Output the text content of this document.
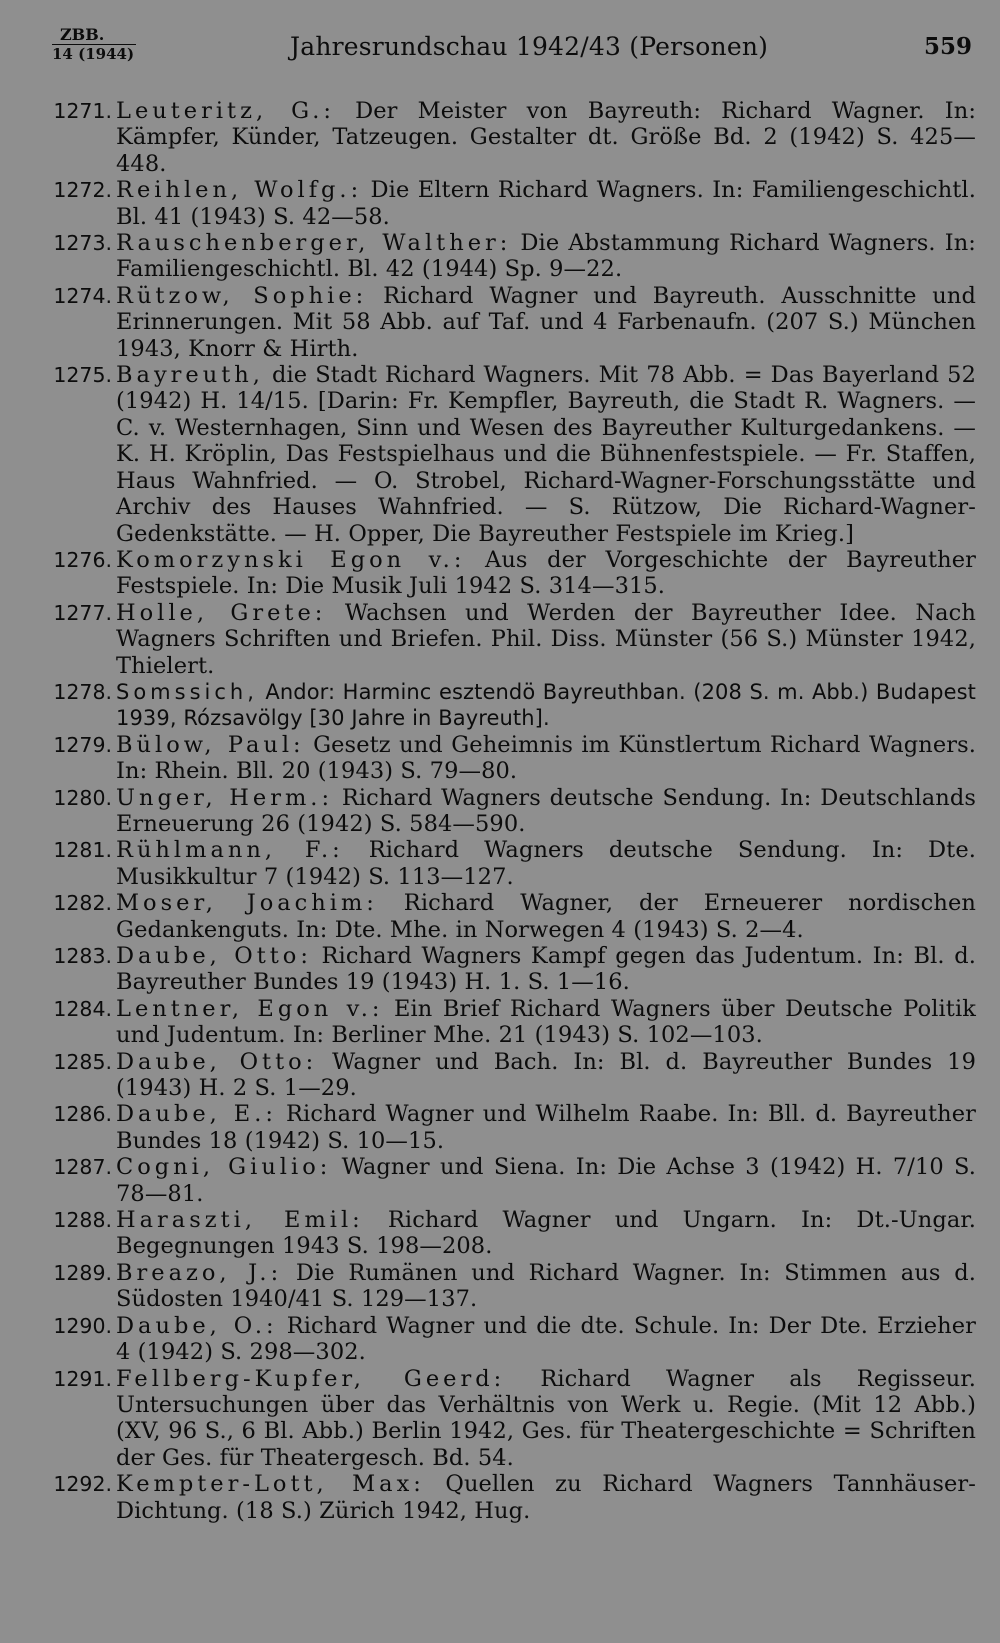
ZBB.
14 (1944)	Jahresrundschau 1942/43 (Personen)	559
1271. Leuteritz, G.: Der Meister von Bayreuth: Richard Wagner. In: Kämpfer, Künder, Tatzeugen. Gestalter dt. Größe Bd. 2 (1942) S. 425—448.
1272. Reihlen, Wolfg.: Die Eltern Richard Wagners. In: Familiengeschichtl. Bl. 41 (1943) S. 42—58.
1273. Rauschenberger, Walther: Die Abstammung Richard Wagners. In: Familiengeschichtl. Bl. 42 (1944) Sp. 9—22.
1274. Rützow, Sophie: Richard Wagner und Bayreuth. Ausschnitte und Erinnerungen. Mit 58 Abb. auf Taf. und 4 Farbenaufn. (207 S.) München 1943, Knorr & Hirth.
1275. Bayreuth, die Stadt Richard Wagners. Mit 78 Abb. = Das Bayerland 52 (1942) H. 14/15. [Darin: Fr. Kempfler, Bayreuth, die Stadt R. Wagners. — C. v. Westernhagen, Sinn und Wesen des Bayreuther Kulturgedankens. — K. H. Kröplin, Das Festspielhaus und die Bühnenfestspiele. — Fr. Staffen, Haus Wahnfried. — O. Strobel, Richard-Wagner-Forschungsstätte und Archiv des Hauses Wahnfried. — S. Rützow, Die Richard-Wagner-Gedenkstätte. — H. Opper, Die Bayreuther Festspiele im Krieg.]
1276. Komorzynski Egon v.: Aus der Vorgeschichte der Bayreuther Festspiele. In: Die Musik Juli 1942 S. 314—315.
1277. Holle, Grete: Wachsen und Werden der Bayreuther Idee. Nach Wagners Schriften und Briefen. Phil. Diss. Münster (56 S.) Münster 1942, Thielert.
1278. Somssich, Andor: Harminc esztendö Bayreuthban. (208 S. m. Abb.) Budapest 1939, Rózsavölgy [30 Jahre in Bayreuth].
1279. Bülow, Paul: Gesetz und Geheimnis im Künstlertum Richard Wagners. In: Rhein. Bll. 20 (1943) S. 79—80.
1280. Unger, Herm.: Richard Wagners deutsche Sendung. In: Deutschlands Erneuerung 26 (1942) S. 584—590.
1281. Rühlmann, F.: Richard Wagners deutsche Sendung. In: Dte. Musikkultur 7 (1942) S. 113—127.
1282. Moser, Joachim: Richard Wagner, der Erneuerer nordischen Gedankenguts. In: Dte. Mhe. in Norwegen 4 (1943) S. 2—4.
1283. Daube, Otto: Richard Wagners Kampf gegen das Judentum. In: Bl. d. Bayreuther Bundes 19 (1943) H. 1. S. 1—16.
1284. Lentner, Egon v.: Ein Brief Richard Wagners über Deutsche Politik und Judentum. In: Berliner Mhe. 21 (1943) S. 102—103.
1285. Daube, Otto: Wagner und Bach. In: Bl. d. Bayreuther Bundes 19 (1943) H. 2 S. 1—29.
1286. Daube, E.: Richard Wagner und Wilhelm Raabe. In: Bll. d. Bayreuther Bundes 18 (1942) S. 10—15.
1287. Cogni, Giulio: Wagner und Siena. In: Die Achse 3 (1942) H. 7/10 S. 78—81.
1288. Haraszti, Emil: Richard Wagner und Ungarn. In: Dt.-Ungar. Begegnungen 1943 S. 198—208.
1289. Breazo, J.: Die Rumänen und Richard Wagner. In: Stimmen aus d. Südosten 1940/41 S. 129—137.
1290. Daube, O.: Richard Wagner und die dte. Schule. In: Der Dte. Erzieher 4 (1942) S. 298—302.
1291. Fellberg-Kupfer, Geerd: Richard Wagner als Regisseur. Untersuchungen über das Verhältnis von Werk u. Regie. (Mit 12 Abb.) (XV, 96 S., 6 Bl. Abb.) Berlin 1942, Ges. für Theatergeschichte = Schriften der Ges. für Theatergesch. Bd. 54.
1292. Kempter-Lott, Max: Quellen zu Richard Wagners Tannhäuser-Dichtung. (18 S.) Zürich 1942, Hug.
